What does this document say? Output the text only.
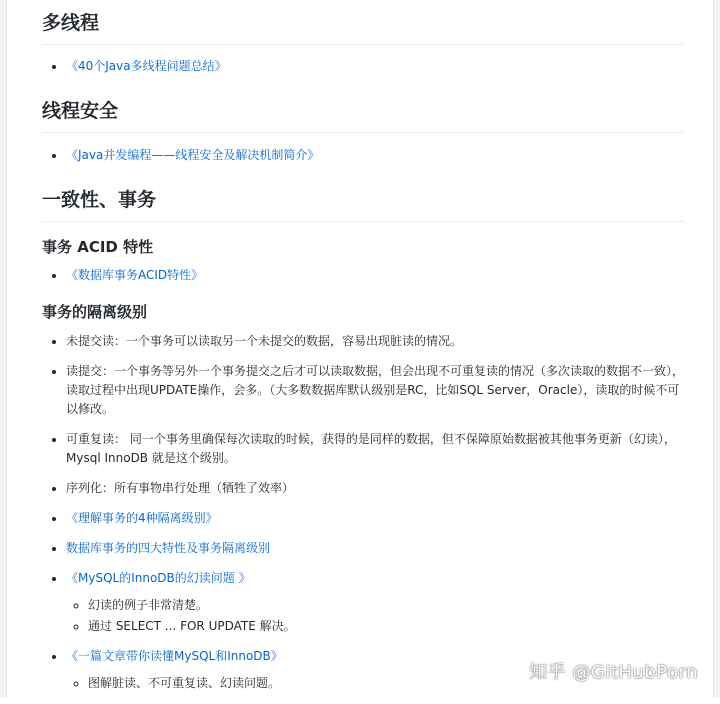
多线程
• 《40个Java多线程问题总结》
线程安全
• 《Java并发编程——线程安全及解决机制简介》
一致性、事务
事务 ACID 特性
• 《数据库事务ACID特性》
事务的隔离级别
• 未提交读：一个事务可以读取另一个未提交的数据，容易出现脏读的情况。
• 读提交：一个事务等另外一个事务提交之后才可以读取数据，但会出现不可重复读的情况（多次读取的数据不一致），读取过程中出现UPDATE操作，会多。（大多数数据库默认级别是RC，比如SQL Server，Oracle），读取的时候不可以修改。
• 可重复读： 同一个事务里确保每次读取的时候，获得的是同样的数据，但不保障原始数据被其他事务更新（幻读），Mysql InnoDB 就是这个级别。
• 序列化：所有事物串行处理（牺牲了效率）
• 《理解事务的4种隔离级别》
• 数据库事务的四大特性及事务隔离级别
• 《MySQL的InnoDB的幻读问题 》
◦ 幻读的例子非常清楚。
◦ 通过 SELECT ... FOR UPDATE 解决。
• 《一篇文章带你读懂MySQL和InnoDB》
◦ 图解脏读、不可重复读、幻读问题。	知乎 @GitHubPorn
